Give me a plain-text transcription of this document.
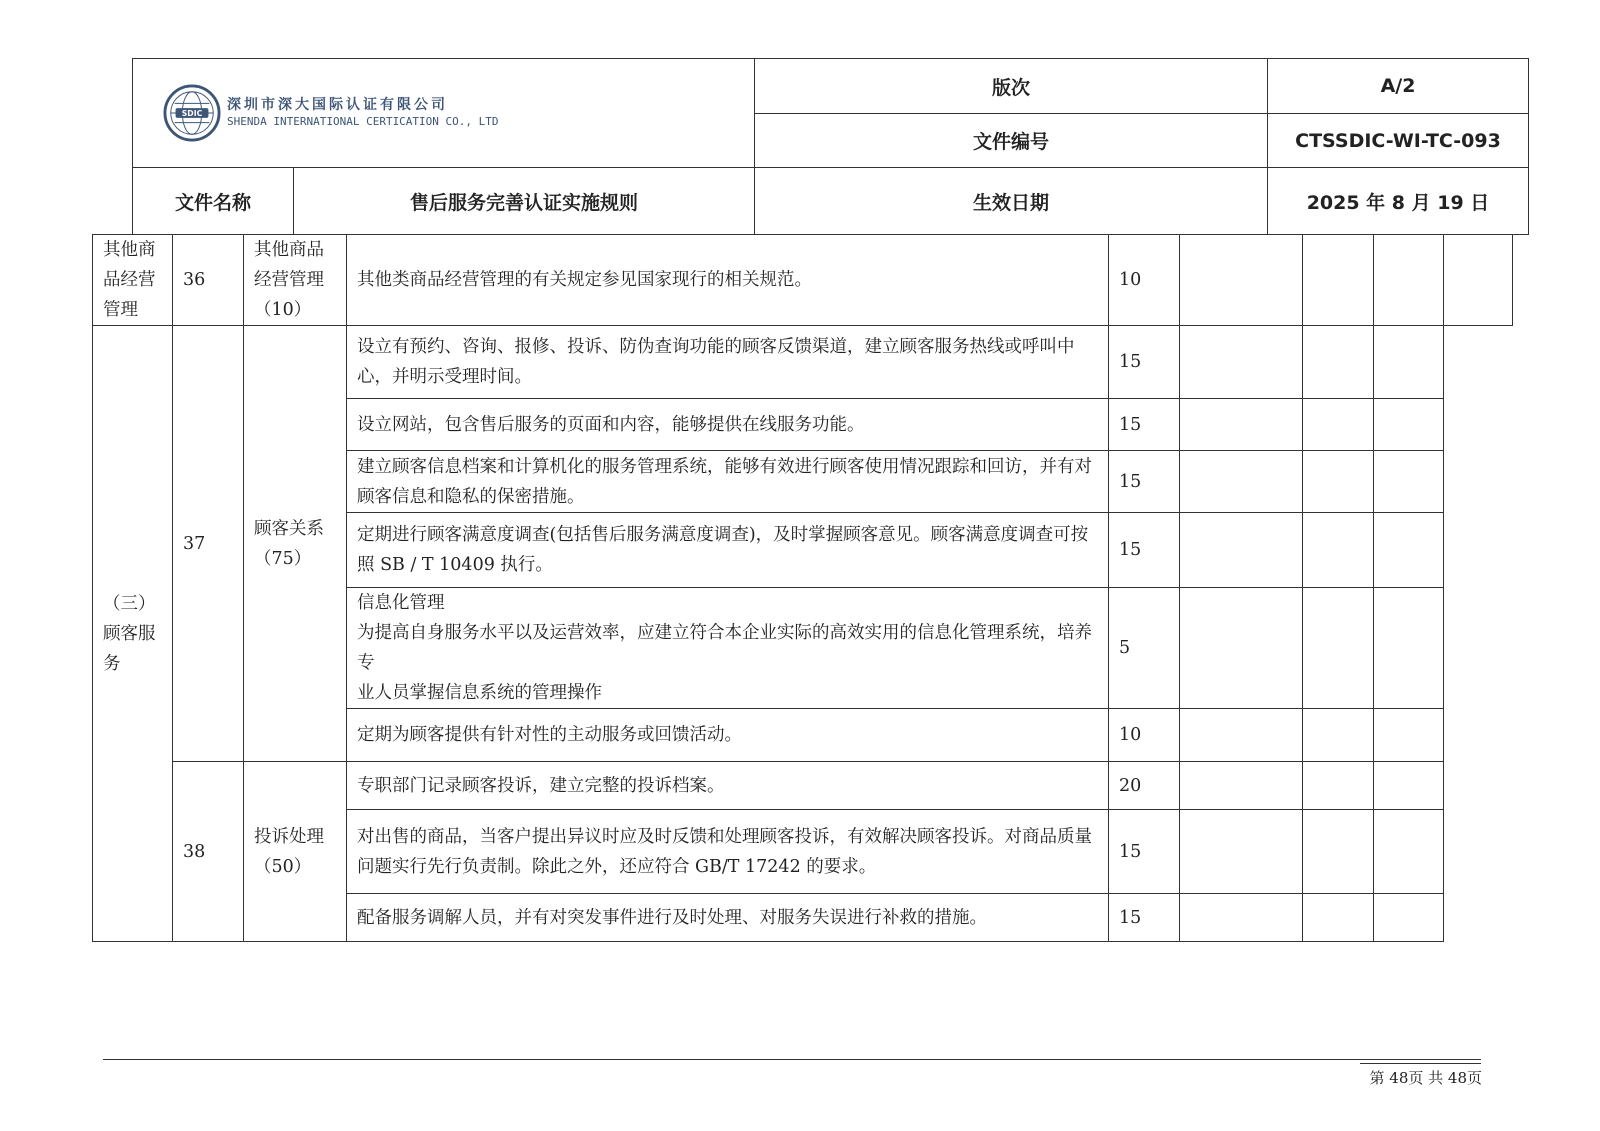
SDIC
深圳市深大国际认证有限公司
SHENDA INTERNATIONAL CERTICATION CO., LTD		版次	A/2
		文件编号	CTSSDIC-WI-TC-093
文件名称	售后服务完善认证实施规则	生效日期	2025 年 8 月 19 日
其他商品经营管理	36	其他商品经营管理（10）	其他类商品经营管理的有关规定参见国家现行的相关规范。	10				
（三）顾客服务	37	顾客关系（75）	设立有预约、咨询、报修、投诉、防伪查询功能的顾客反馈渠道，建立顾客服务热线或呼叫中心，并明示受理时间。	15				
			设立网站，包含售后服务的页面和内容，能够提供在线服务功能。	15				
			建立顾客信息档案和计算机化的服务管理系统，能够有效进行顾客使用情况跟踪和回访，并有对顾客信息和隐私的保密措施。	15				
			定期进行顾客满意度调查(包括售后服务满意度调查)，及时掌握顾客意见。顾客满意度调查可按照 SB / T 10409 执行。	15				

			信息化管理
为提高自身服务水平以及运营效率，应建立符合本企业实际的高效实用的信息化管理系统，培养专
业人员掌握信息系统的管理操作	5				
			定期为顾客提供有针对性的主动服务或回馈活动。	10				
	38	投诉处理（50）	专职部门记录顾客投诉，建立完整的投诉档案。	20				
			对出售的商品，当客户提出异议时应及时反馈和处理顾客投诉，有效解决顾客投诉。对商品质量问题实行先行负责制。除此之外，还应符合 GB/T 17242 的要求。	15				
			配备服务调解人员，并有对突发事件进行及时处理、对服务失误进行补救的措施。	15				
第 48页 共 48页
